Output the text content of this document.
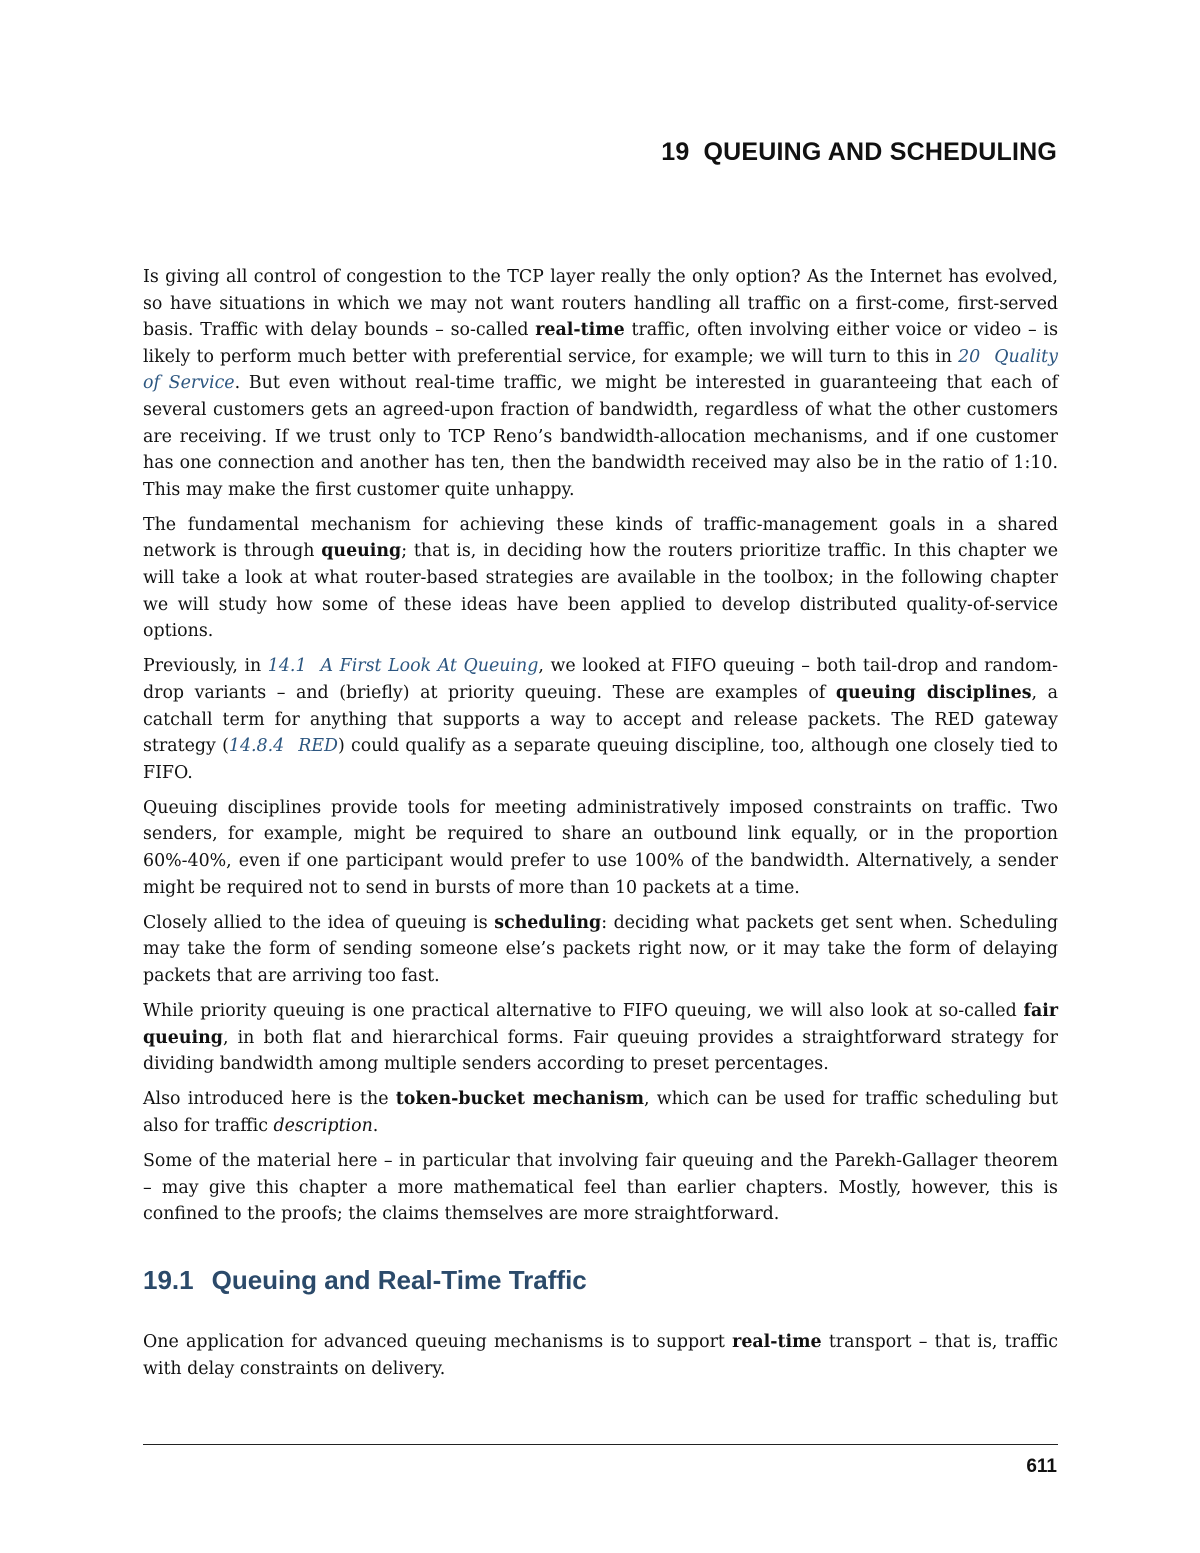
19 QUEUING AND SCHEDULING

Is giving all control of congestion to the TCP layer really the only option? As the Internet has evolved, so have situations in which we may not want routers handling all traffic on a first-come, first-served basis. Traffic with delay bounds – so-called real-time traffic, often involving either voice or video – is likely to perform much better with preferential service, for example; we will turn to this in 20 Quality of Service. But even without real-time traffic, we might be interested in guaranteeing that each of several customers gets an agreed-upon fraction of bandwidth, regardless of what the other customers are receiving. If we trust only to TCP Reno’s bandwidth-allocation mechanisms, and if one customer has one connection and another has ten, then the bandwidth received may also be in the ratio of 1:10. This may make the first customer quite unhappy.

The fundamental mechanism for achieving these kinds of traffic-management goals in a shared network is through queuing; that is, in deciding how the routers prioritize traffic. In this chapter we will take a look at what router-based strategies are available in the toolbox; in the following chapter we will study how some of these ideas have been applied to develop distributed quality-of-service options.

Previously, in 14.1 A First Look At Queuing, we looked at FIFO queuing – both tail-drop and random-drop variants – and (briefly) at priority queuing. These are examples of queuing disciplines, a catchall term for anything that supports a way to accept and release packets. The RED gateway strategy (14.8.4 RED) could qualify as a separate queuing discipline, too, although one closely tied to FIFO.

Queuing disciplines provide tools for meeting administratively imposed constraints on traffic. Two senders, for example, might be required to share an outbound link equally, or in the proportion 60%-40%, even if one participant would prefer to use 100% of the bandwidth. Alternatively, a sender might be required not to send in bursts of more than 10 packets at a time.

Closely allied to the idea of queuing is scheduling: deciding what packets get sent when. Scheduling may take the form of sending someone else’s packets right now, or it may take the form of delaying packets that are arriving too fast.

While priority queuing is one practical alternative to FIFO queuing, we will also look at so-called fair queuing, in both flat and hierarchical forms. Fair queuing provides a straightforward strategy for dividing bandwidth among multiple senders according to preset percentages.

Also introduced here is the token-bucket mechanism, which can be used for traffic scheduling but also for traffic description.

Some of the material here – in particular that involving fair queuing and the Parekh-Gallager theorem – may give this chapter a more mathematical feel than earlier chapters. Mostly, however, this is confined to the proofs; the claims themselves are more straightforward.

19.1 Queuing and Real-Time Traffic

One application for advanced queuing mechanisms is to support real-time transport – that is, traffic with delay constraints on delivery.

611
